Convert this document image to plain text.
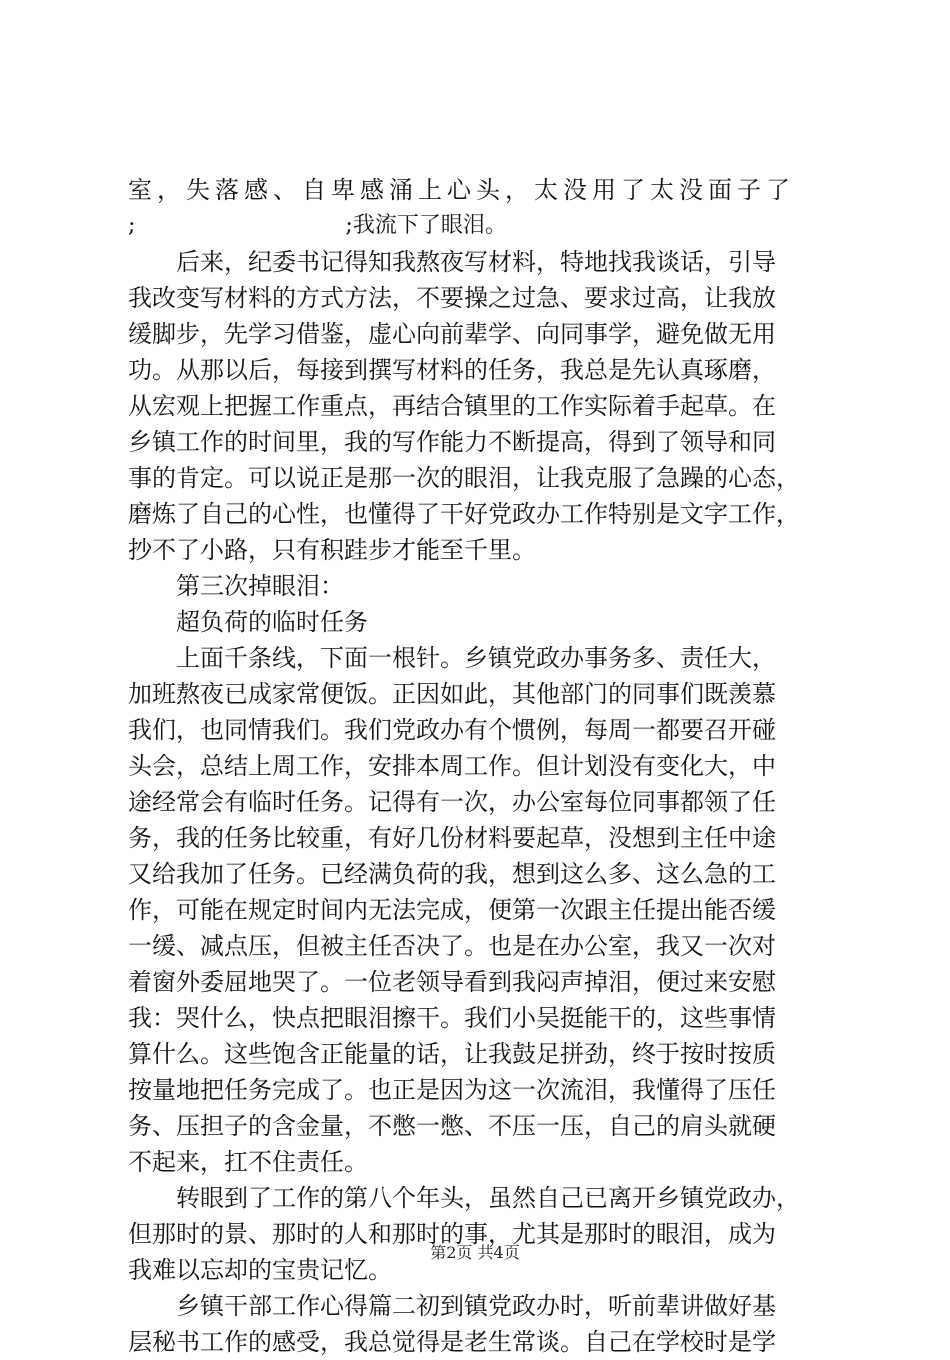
室，失落感、自卑感涌上心头，太没用了太没面子了
;	;我流下了眼泪。
后来，纪委书记得知我熬夜写材料，特地找我谈话，引导
我改变写材料的方式方法，不要操之过急、要求过高，让我放
缓脚步，先学习借鉴，虚心向前辈学、向同事学，避免做无用
功。从那以后，每接到撰写材料的任务，我总是先认真琢磨，
从宏观上把握工作重点，再结合镇里的工作实际着手起草。在
乡镇工作的时间里，我的写作能力不断提高，得到了领导和同
事的肯定。可以说正是那一次的眼泪，让我克服了急躁的心态，
磨炼了自己的心性，也懂得了干好党政办工作特别是文字工作，
抄不了小路，只有积跬步才能至千里。
第三次掉眼泪：
超负荷的临时任务
上面千条线，下面一根针。乡镇党政办事务多、责任大，
加班熬夜已成家常便饭。正因如此，其他部门的同事们既羡慕
我们，也同情我们。我们党政办有个惯例，每周一都要召开碰
头会，总结上周工作，安排本周工作。但计划没有变化大，中
途经常会有临时任务。记得有一次，办公室每位同事都领了任
务，我的任务比较重，有好几份材料要起草，没想到主任中途
又给我加了任务。已经满负荷的我，想到这么多、这么急的工
作，可能在规定时间内无法完成，便第一次跟主任提出能否缓
一缓、减点压，但被主任否决了。也是在办公室，我又一次对
着窗外委屈地哭了。一位老领导看到我闷声掉泪，便过来安慰
我：哭什么，快点把眼泪擦干。我们小吴挺能干的，这些事情
算什么。这些饱含正能量的话，让我鼓足拼劲，终于按时按质
按量地把任务完成了。也正是因为这一次流泪，我懂得了压任
务、压担子的含金量，不憋一憋、不压一压，自己的肩头就硬
不起来，扛不住责任。
转眼到了工作的第八个年头，虽然自己已离开乡镇党政办，
但那时的景、那时的人和那时的事，尤其是那时的眼泪，成为
我难以忘却的宝贵记忆。
乡镇干部工作心得篇二初到镇党政办时，听前辈讲做好基
层秘书工作的感受，我总觉得是老生常谈。自己在学校时是学
第2页 共4页
